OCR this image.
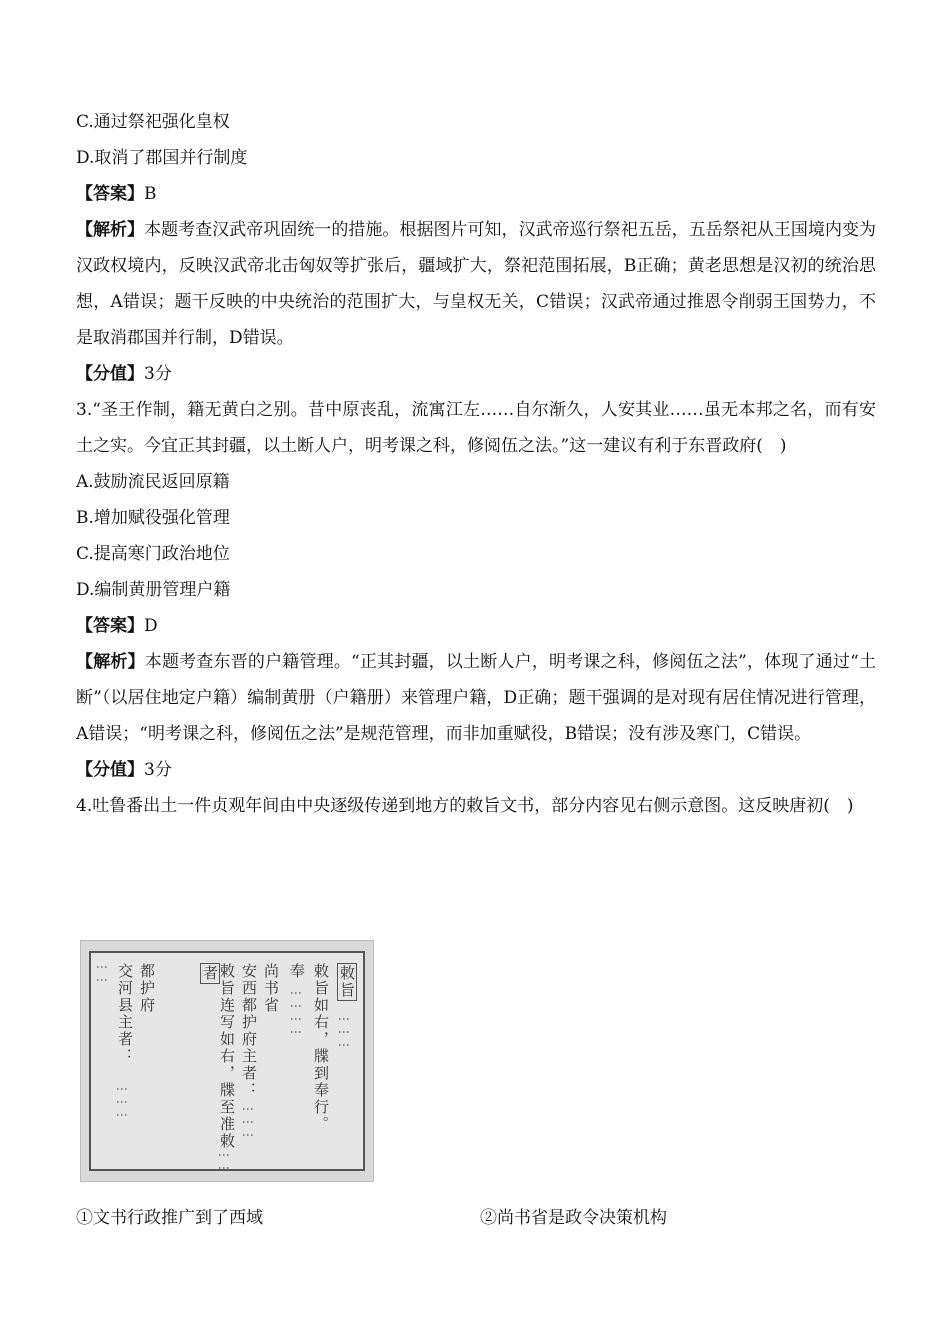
C.通过祭祀强化皇权
D.取消了郡国并行制度
【答案】B
【解析】本题考查汉武帝巩固统一的措施。根据图片可知，汉武帝巡行祭祀五岳，五岳祭祀从王国境内变为汉政权境内，反映汉武帝北击匈奴等扩张后，疆域扩大，祭祀范围拓展，B正确；黄老思想是汉初的统治思想，A错误；题干反映的中央统治的范围扩大，与皇权无关，C错误；汉武帝通过推恩令削弱王国势力，不是取消郡国并行制，D错误。
【分值】3分
3.“圣王作制，籍无黄白之别。昔中原丧乱，流寓江左……自尔渐久，人安其业……虽无本邦之名，而有安土之实。今宜正其封疆，以土断人户，明考课之科，修阅伍之法。”这一建议有利于东晋政府(　)
A.鼓励流民返回原籍
B.增加赋役强化管理
C.提高寒门政治地位
D.编制黄册管理户籍
【答案】D
【解析】本题考查东晋的户籍管理。“正其封疆，以土断人户，明考课之科，修阅伍之法”，体现了通过“土断”（以居住地定户籍）编制黄册（户籍册）来管理户籍，D正确；题干强调的是对现有居住情况进行管理，A错误；“明考课之科，修阅伍之法”是规范管理，而非加重赋役，B错误；没有涉及寒门，C错误。
【分值】3分
4.吐鲁番出土一件贞观年间由中央逐级传递到地方的敕旨文书，部分内容见右侧示意图。这反映唐初(　)
敕旨
⋮⋮⋮
敕旨如右，牒到奉行。
奉
⋮⋮⋮⋮
尚书省
安西都护府主者：
⋮⋮⋮
敕旨连写如右，牒至准敕者
⋮⋮
都护府
交河县主者：
⋮⋮⋮
⋮⋮
①文书行政推广到了西域	②尚书省是政令决策机构
